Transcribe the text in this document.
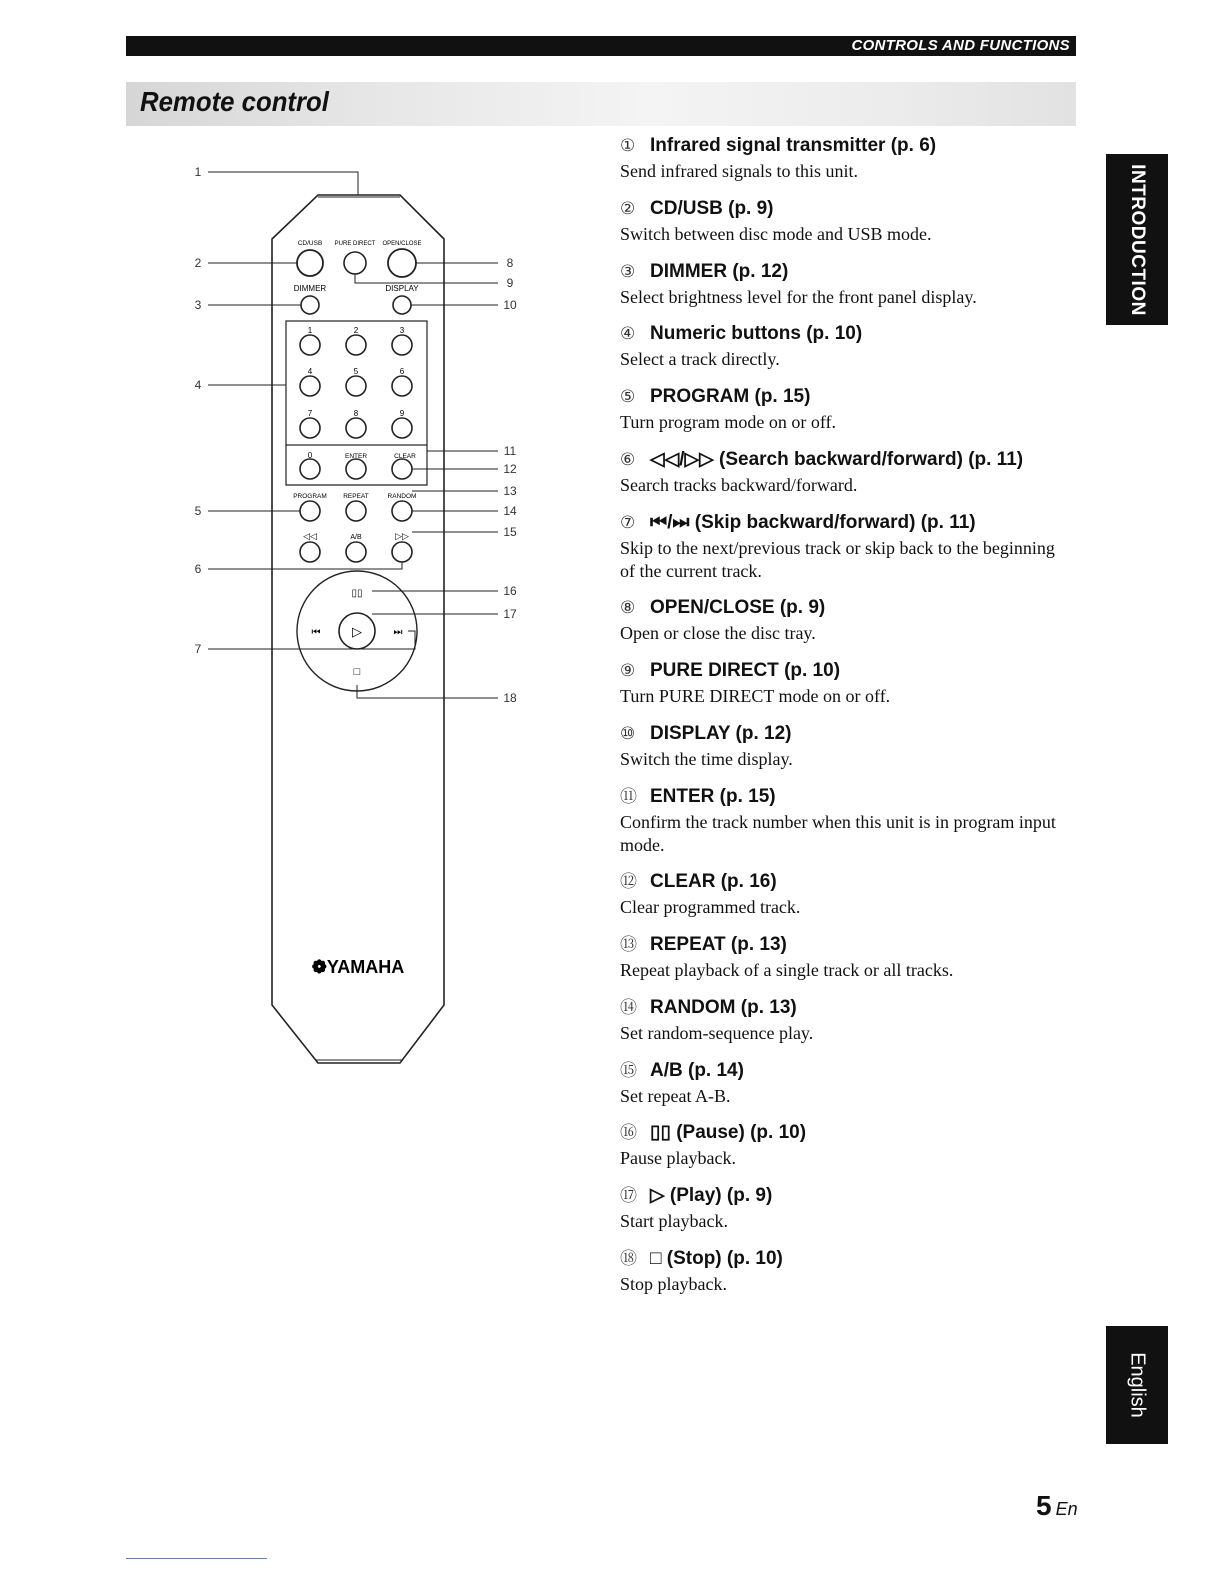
CONTROLS AND FUNCTIONS
Remote control
CD/USB PURE DIRECT OPEN/CLOSE
DIMMER	DISPLAY
1	2	3
4	5	6
7	8	9
0	ENTER	CLEAR
PROGRAM	REPEAT	RANDOM
◁◁	A/B	▷▷
▷
▯▯
□
⏮	⏭
❁YAMAHA
1
2
3
4
5
6
7
8
9
10
11
12
13
14
15
16
17
18
① Infrared signal transmitter (p. 6)
Send infrared signals to this unit.
② CD/USB (p. 9)
Switch between disc mode and USB mode.
③ DIMMER (p. 12)
Select brightness level for the front panel display.
④ Numeric buttons (p. 10)
Select a track directly.
⑤ PROGRAM (p. 15)
Turn program mode on or off.
⑥ ◁◁/▷▷ (Search backward/forward) (p. 11)
Search tracks backward/forward.
⑦ ⏮/⏭ (Skip backward/forward) (p. 11)
Skip to the next/previous track or skip back to the beginning of the current track.
⑧ OPEN/CLOSE (p. 9)
Open or close the disc tray.
⑨ PURE DIRECT (p. 10)
Turn PURE DIRECT mode on or off.
⑩ DISPLAY (p. 12)
Switch the time display.
⑪ ENTER (p. 15)
Confirm the track number when this unit is in program input mode.
⑫ CLEAR (p. 16)
Clear programmed track.
⑬ REPEAT (p. 13)
Repeat playback of a single track or all tracks.
⑭ RANDOM (p. 13)
Set random-sequence play.
⑮ A/B (p. 14)
Set repeat A-B.
⑯ ▯▯ (Pause) (p. 10)
Pause playback.
⑰ ▷ (Play) (p. 9)
Start playback.
⑱ □ (Stop) (p. 10)
Stop playback.
INTRODUCTION
English
5 En
